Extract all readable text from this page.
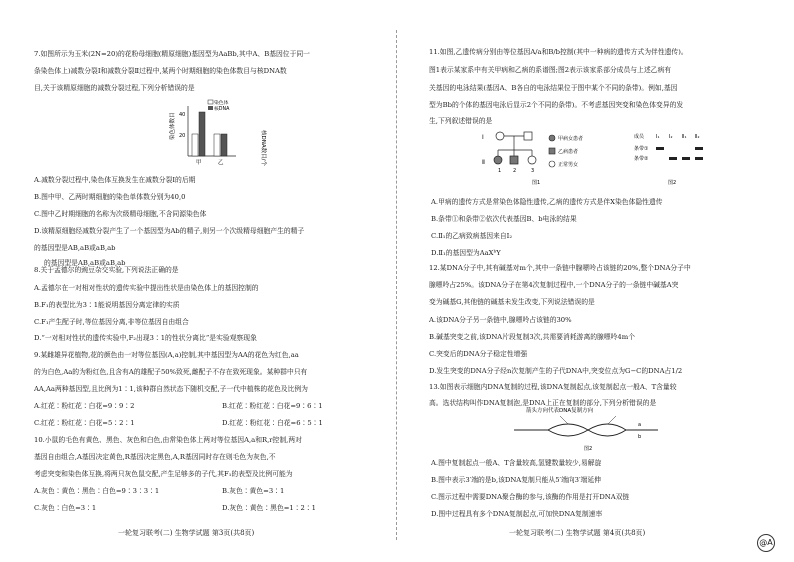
7.如图所示为玉米(2N=20)的花粉母细胞(精原细胞)基因型为AaBb,其中A、B基因位于同一
条染色体上)减数分裂Ⅰ和减数分裂Ⅱ过程中,某两个时期细胞的染色体数目与核DNA数
目,关于该精原细胞的减数分裂过程,下列分析错误的是
A.减数分裂过程中,染色体互换发生在减数分裂Ⅰ的后期
B.图中甲、乙两时期细胞的染色单体数分别为40,0
C.图中乙时期细胞的名称为次级精母细胞,不含同源染色体
D.该精原细胞经减数分裂产生了一个基因型为Ab的精子,则另一个次级精母细胞产生的精子
的基因型是AB,aB或aB,ab
的基因型是AB,aB或aB,ab
8.关于孟德尔的豌豆杂交实验,下列说法正确的是
A.孟德尔在一对相对性状的遗传实验中提出性状是由染色体上的基因控制的
B.F₁的表型比为3∶1能说明基因分离定律的实质
C.F₁产生配子时,等位基因分离,非等位基因自由组合
D.“一对相对性状的遗传实验中,F₂出现3∶1的性状分离比”是实验观察现象
9.某雌雄异花植物,花的颜色由一对等位基因(A,a)控制,其中基因型为AA的花色为红色,aa
的为白色,Aa的为粉红色,且含有A的雄配子50%致死,雌配子不存在致死现象。某种群中只有
AA,Aa两种基因型,且比例为1∶1,该种群自然状态下随机交配,子一代中植株的花色及比例为
A.红花∶粉红花∶白花=9∶9∶2	B.红花∶粉红花∶白花=9∶6∶1
C.红花∶粉红花∶白花=5∶2∶1	D.红花∶粉红花∶白花=6∶5∶1
10.小鼠的毛色有黄色、黑色、灰色和白色,由常染色体上两对等位基因A,a和R,r控制,两对
基因自由组合,A基因决定黄色,R基因决定黑色,A,R基因同时存在则毛色为灰色,不
考虑突变和染色体互换,将两只灰色鼠交配,产生足够多的子代,其F₁的表型及比例可能为
A.灰色∶黄色∶黑色∶白色=9∶3∶3∶1	B.灰色∶黄色=3∶1
C.灰色∶白色=3∶1	D.灰色∶黄色∶黑色=1∶2∶1
一轮复习联考(二) 生物学试题 第3页(共8页)
11.如图,乙遗传病分别由等位基因A/a和B/b控制(其中一种病的遗传方式为伴性遗传)。
图1表示某家系中有关甲病和乙病的系谱图;图2表示该家系部分成员与上述乙病有
关基因的电泳结果(基因A、B各自的电泳结果位于图中某个不同的条带)。例如,基因
型为Bb的个体的基因电泳后显示2个不同的条带)。不考虑基因突变和染色体变异的发
生,下列叙述错误的是
A.甲病的遗传方式是常染色体隐性遗传,乙病的遗传方式是伴X染色体隐性遗传
B.条带①和条带②依次代表基因B、b电泳的结果
C.Ⅱ₁的乙病致病基因来自Ⅰ₂
D.Ⅱ₁的基因型为AaXᵇY
12.某DNA分子中,其有碱基对m个,其中一条链中腺嘌呤占该链的20%,整个DNA分子中
腺嘌呤占25%。该DNA分子在第4次复制过程中,一个DNA分子的一条链中碱基A突
变为碱基G,其他链的碱基未发生改变,下列说法错误的是
A.该DNA分子另一条链中,腺嘌呤占该链的30%
B.碱基突变之前,该DNA片段复制3次,共需要消耗游离的腺嘌呤4m个
C.突变后的DNA分子稳定性增强
D.发生突变的DNA分子经n次复制产生的子代DNA中,突变位点为G−C的DNA占1/2
13.如图表示细胞内DNA复制的过程,该DNA复制起点,该复制起点一般A、T含量较
高。选状结构叫作DNA复制泡,是DNA上正在复制的部分,下列分析错误的是
A.图中复制起点一般A、T含量较高,氢键数量较少,易解旋
B.图中表示3′端的是b,该DNA复制只能从5′端向3′端延伸
C.图示过程中需要DNA聚合酶的参与,该酶的作用是打开DNA双链
D.图中过程具有多个DNA复制起点,可加快DNA复制速率
一轮复习联考(二) 生物学试题 第4页(共8页)
染色体数目
核DNA数目/个
40
20
染色体
核DNA
甲	乙
Ⅰ
Ⅱ
1 2	3
甲病女患者
乙病患者
正常男女
图1
成员 Ⅰ₁ Ⅰ₂ Ⅱ₁ Ⅱ₂
条带①
条带②
图2
箭头方向代表DNA复制方向
a
b
图2
@A
